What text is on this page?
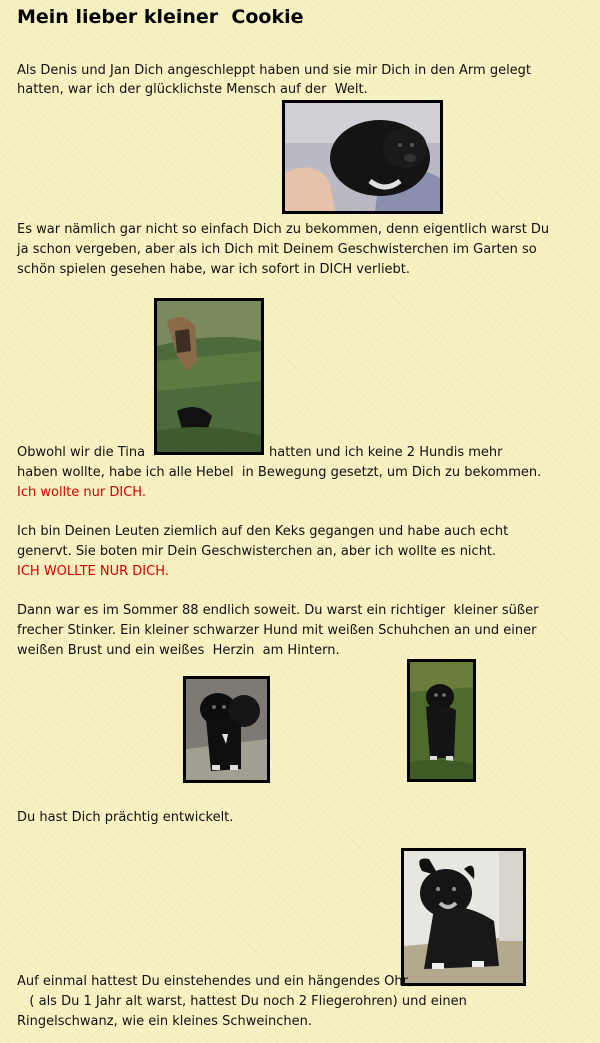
Mein lieber kleiner  Cookie
Als Denis und Jan Dich angeschleppt haben und sie mir Dich in den Arm gelegt
hatten, war ich der glücklichste Mensch auf der  Welt.
Es war nämlich gar nicht so einfach Dich zu bekommen, denn eigentlich warst Du
ja schon vergeben, aber als ich Dich mit Deinem Geschwisterchen im Garten so
schön spielen gesehen habe, war ich sofort in DICH verliebt.
Obwohl wir die Tina	hatten und ich keine 2 Hundis mehr
haben wollte, habe ich alle Hebel  in Bewegung gesetzt, um Dich zu bekommen.
Ich wollte nur DICH.
Ich bin Deinen Leuten ziemlich auf den Keks gegangen und habe auch echt
genervt. Sie boten mir Dein Geschwisterchen an, aber ich wollte es nicht.
ICH WOLLTE NUR DICH.
Dann war es im Sommer 88 endlich soweit. Du warst ein richtiger  kleiner süßer
frecher Stinker. Ein kleiner schwarzer Hund mit weißen Schuhchen an und einer
weißen Brust und ein weißes  Herzin  am Hintern.
Du hast Dich prächtig entwickelt.
Auf einmal hattest Du einstehendes und ein hängendes Ohr,
( als Du 1 Jahr alt warst, hattest Du noch 2 Fliegerohren) und einen
Ringelschwanz, wie ein kleines Schweinchen.
